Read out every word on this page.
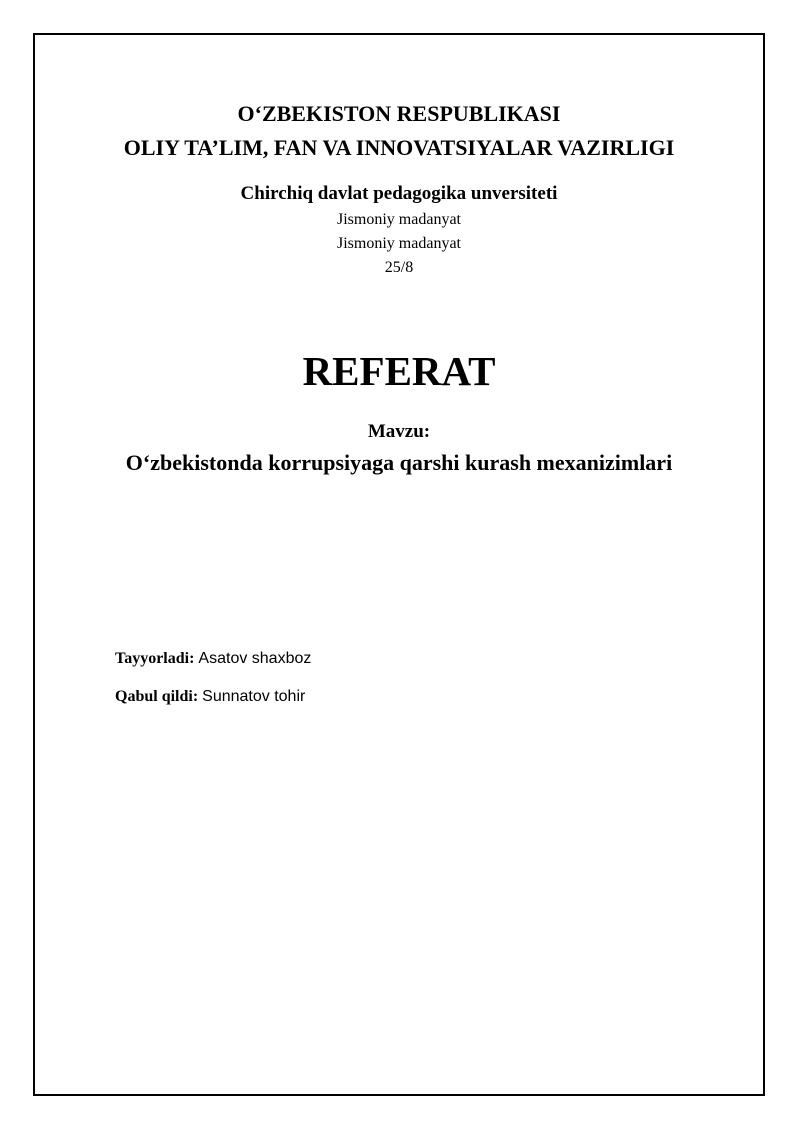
O‘ZBEKISTON RESPUBLIKASI
OLIY TA’LIM, FAN VA INNOVATSIYALAR VAZIRLIGI
Chirchiq davlat pedagogika unversiteti
Jismoniy madanyat
Jismoniy madanyat
25/8
REFERAT
Mavzu:
O‘zbekistonda korrupsiyaga qarshi kurash mexanizimlari
Tayyorladi: Asatov shaxboz
Qabul qildi: Sunnatov tohir
